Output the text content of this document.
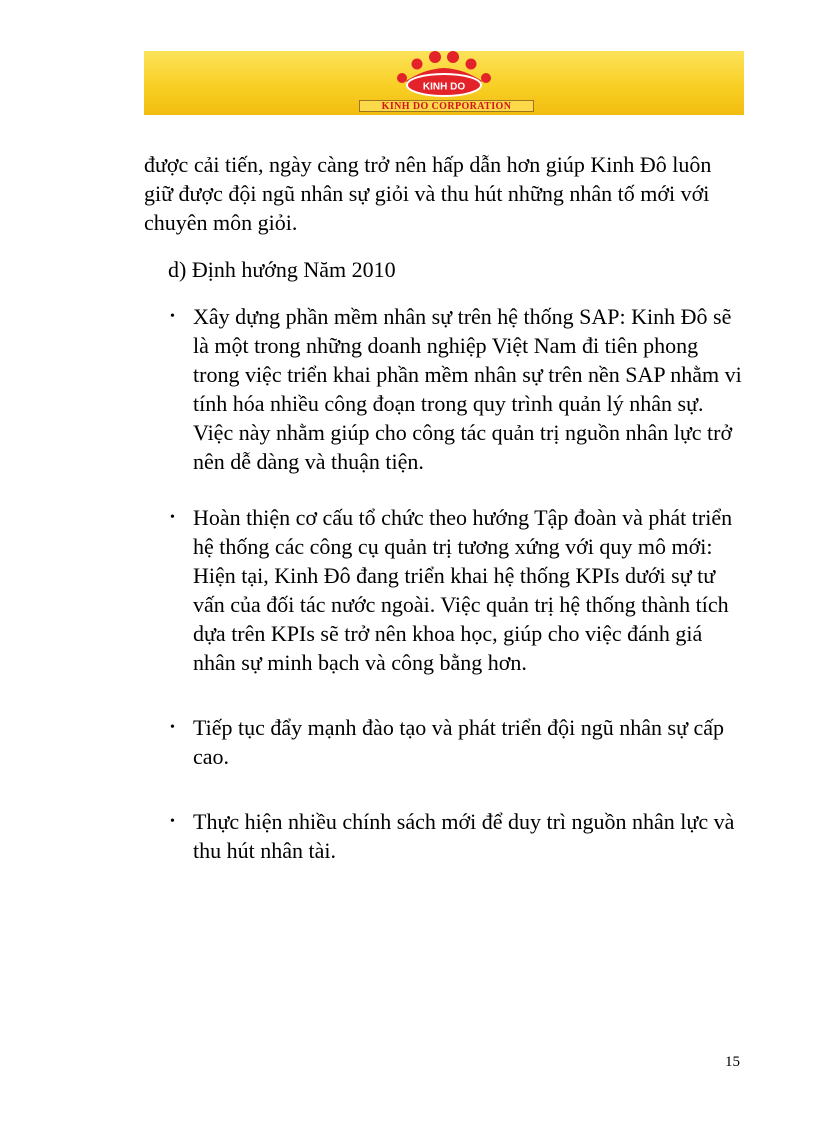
KINH DO
KINH DO CORPORATION

được cải tiến, ngày càng trở nên hấp dẫn hơn giúp Kinh Đô luôn giữ được đội ngũ nhân sự giỏi và thu hút những nhân tố mới với chuyên môn giỏi.

d) Định hướng Năm 2010

• Xây dựng phần mềm nhân sự trên hệ thống SAP: Kinh Đô sẽ là một trong những doanh nghiệp Việt Nam đi tiên phong trong việc triển khai phần mềm nhân sự trên nền SAP nhằm vi tính hóa nhiều công đoạn trong quy trình quản lý nhân sự. Việc này nhằm giúp cho công tác quản trị nguồn nhân lực trở nên dễ dàng và thuận tiện.
• Hoàn thiện cơ cấu tổ chức theo hướng Tập đoàn và phát triển hệ thống các công cụ quản trị tương xứng với quy mô mới: Hiện tại, Kinh Đô đang triển khai hệ thống KPIs dưới sự tư vấn của đối tác nước ngoài. Việc quản trị hệ thống thành tích dựa trên KPIs sẽ trở nên khoa học, giúp cho việc đánh giá nhân sự minh bạch và công bằng hơn.
• Tiếp tục đẩy mạnh đào tạo và phát triển đội ngũ nhân sự cấp cao.
• Thực hiện nhiều chính sách mới để duy trì nguồn nhân lực và thu hút nhân tài.
15
